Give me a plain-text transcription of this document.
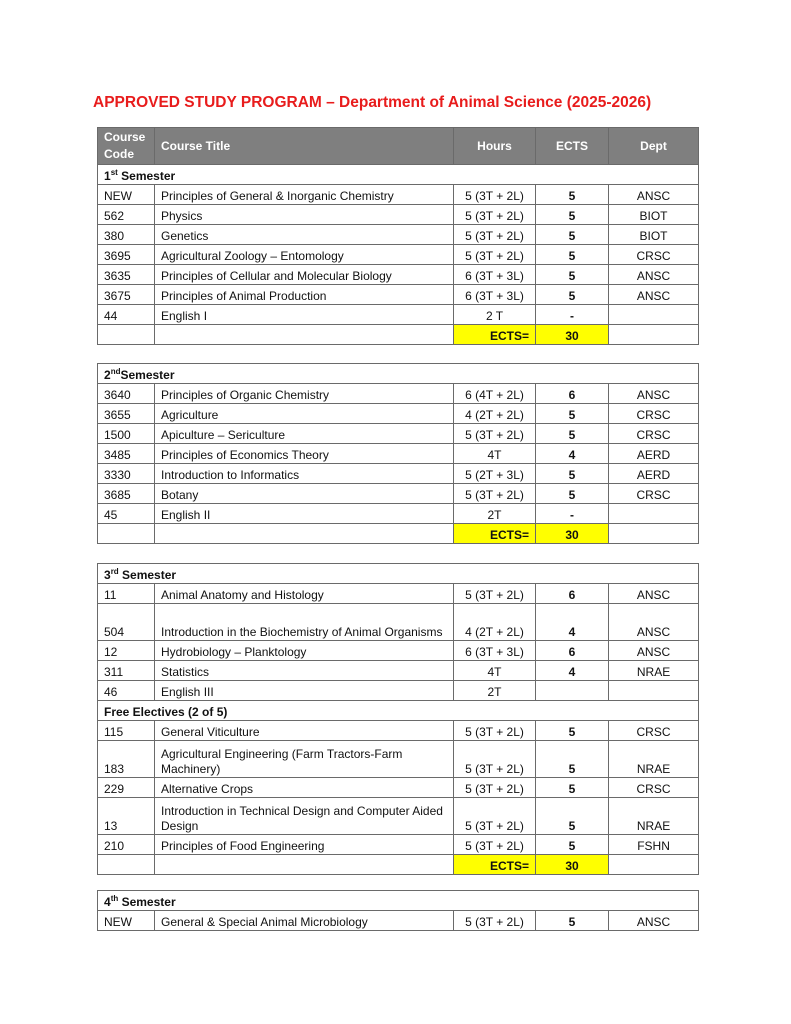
APPROVED STUDY PROGRAM – Department of Animal Science (2025-2026)
Course
Code	Course Title	Hours	ECTS	Dept
1st Semester				
NEW	Principles of General & Inorganic Chemistry	5 (3T + 2L)	5	ANSC
562	Physics	5 (3T + 2L)	5	BIOT
380	Genetics	5 (3T + 2L)	5	BIOT
3695	Agricultural Zoology – Entomology	5 (3T + 2L)	5	CRSC
3635	Principles of Cellular and Molecular Biology	6 (3T + 3L)	5	ANSC
3675	Principles of Animal Production	6 (3T + 3L)	5	ANSC
44	English I	2 T	-	
		ECTS=	30	
2ndSemester				
3640	Principles of Organic Chemistry	6 (4T + 2L)	6	ANSC
3655	Agriculture	4 (2T + 2L)	5	CRSC
1500	Apiculture – Sericulture	5 (3T + 2L)	5	CRSC
3485	Principles of Economics Theory	4T	4	AERD
3330	Introduction to Informatics	5 (2T + 3L)	5	AERD
3685	Botany	5 (3T + 2L)	5	CRSC
45	English II	2T	-	
		ECTS=	30	
3rd Semester				
11	Animal Anatomy and Histology	5 (3T + 2L)	6	ANSC
504	Introduction in the Biochemistry of Animal Organisms	4 (2T + 2L)	4	ANSC
12	Hydrobiology – Planktology	6 (3T + 3L)	6	ANSC
311	Statistics	4T	4	NRAE
46	English III	2T		
Free Electives (2 of 5)				
115	General Viticulture	5 (3T + 2L)	5	CRSC
183	Agricultural Engineering (Farm Tractors-Farm Machinery)	5 (3T + 2L)	5	NRAE
229	Alternative Crops	5 (3T + 2L)	5	CRSC
13	Introduction in Technical Design and Computer Aided Design	5 (3T + 2L)	5	NRAE
210	Principles of Food Engineering	5 (3T + 2L)	5	FSHN
		ECTS=	30	
4th Semester
NEW	General & Special Animal Microbiology	5 (3T + 2L)	5	ANSC
